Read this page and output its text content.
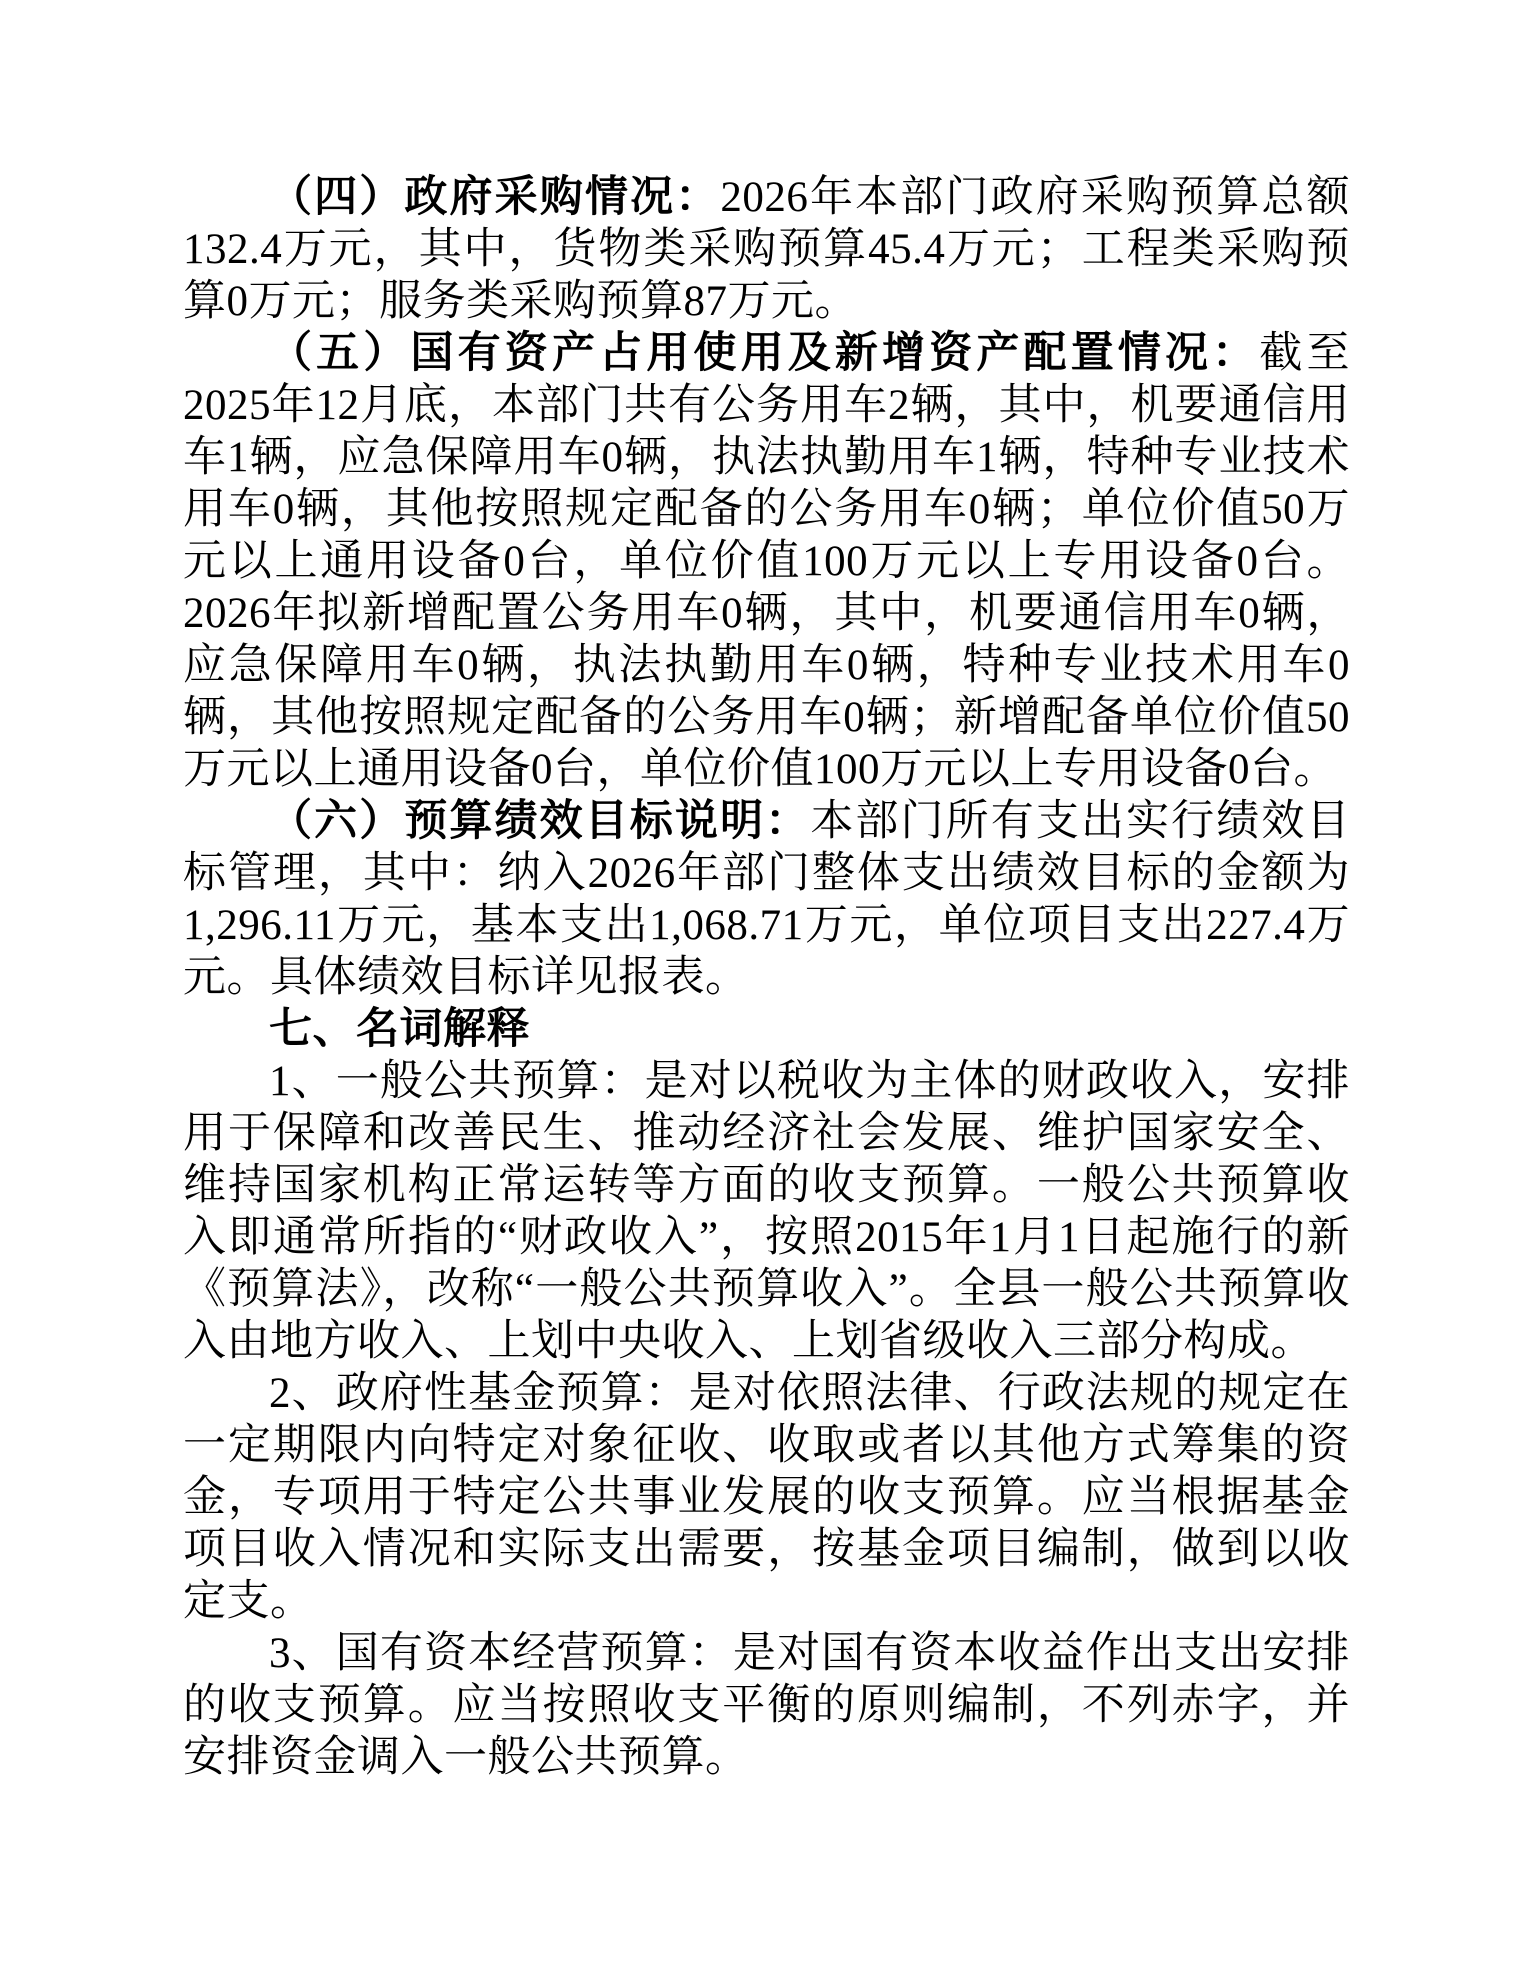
（四）政府采购情况：2026年本部门政府采购预算总额132.4万元，其中，货物类采购预算45.4万元；工程类采购预算0万元；服务类采购预算87万元。

（五）国有资产占用使用及新增资产配置情况：截至2025年12月底，本部门共有公务用车2辆，其中，机要通信用车1辆，应急保障用车0辆，执法执勤用车1辆，特种专业技术用车0辆，其他按照规定配备的公务用车0辆；单位价值50万元以上通用设备0台，单位价值100万元以上专用设备0台。2026年拟新增配置公务用车0辆，其中，机要通信用车0辆，应急保障用车0辆，执法执勤用车0辆，特种专业技术用车0辆，其他按照规定配备的公务用车0辆；新增配备单位价值50万元以上通用设备0台，单位价值100万元以上专用设备0台。

（六）预算绩效目标说明：本部门所有支出实行绩效目标管理，其中：纳入2026年部门整体支出绩效目标的金额为1,296.11万元，基本支出1,068.71万元，单位项目支出227.4万元。具体绩效目标详见报表。

七、名词解释

1、一般公共预算：是对以税收为主体的财政收入，安排用于保障和改善民生、推动经济社会发展、维护国家安全、维持国家机构正常运转等方面的收支预算。一般公共预算收入即通常所指的“财政收入”，按照2015年1月1日起施行的新《预算法》，改称“一般公共预算收入”。全县一般公共预算收入由地方收入、上划中央收入、上划省级收入三部分构成。

2、政府性基金预算：是对依照法律、行政法规的规定在一定期限内向特定对象征收、收取或者以其他方式筹集的资金，专项用于特定公共事业发展的收支预算。应当根据基金项目收入情况和实际支出需要，按基金项目编制，做到以收定支。

3、国有资本经营预算：是对国有资本收益作出支出安排的收支预算。应当按照收支平衡的原则编制，不列赤字，并安排资金调入一般公共预算。
